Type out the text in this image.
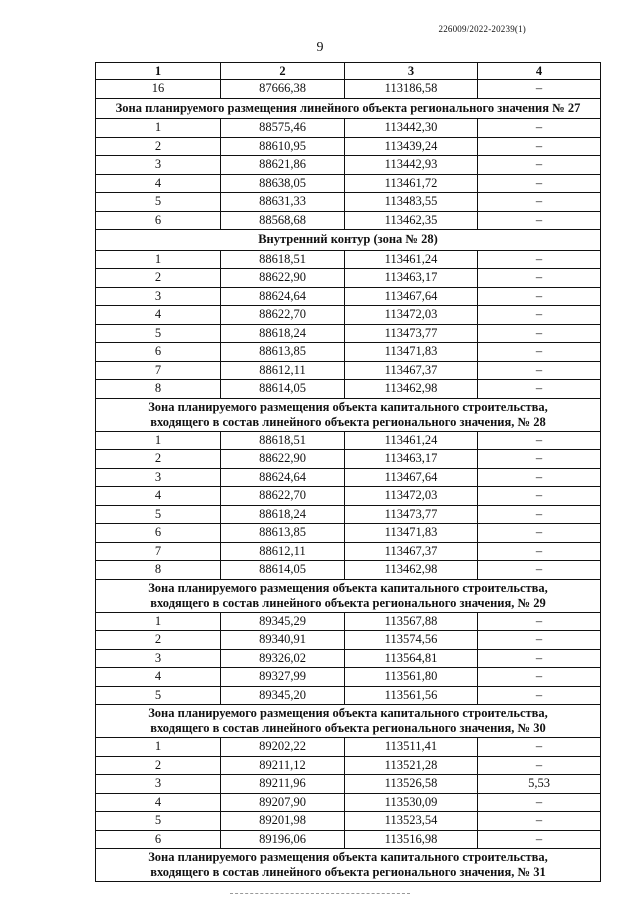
226009/2022-20239(1)
9
1	2	3	4
16	87666,38	113186,58	–

Зона планируемого размещения линейного объекта регионального значения № 27			

1	88575,46	113442,30	–
2	88610,95	113439,24	–
3	88621,86	113442,93	–
4	88638,05	113461,72	–
5	88631,33	113483,55	–
6	88568,68	113462,35	–

Внутренний контур (зона № 28)			

1	88618,51	113461,24	–
2	88622,90	113463,17	–
3	88624,64	113467,64	–
4	88622,70	113472,03	–
5	88618,24	113473,77	–
6	88613,85	113471,83	–
7	88612,11	113467,37	–
8	88614,05	113462,98	–

Зона планируемого размещения объекта капитального строительства,
входящего в состав линейного объекта регионального значения, № 28			

1	88618,51	113461,24	–
2	88622,90	113463,17	–
3	88624,64	113467,64	–
4	88622,70	113472,03	–
5	88618,24	113473,77	–
6	88613,85	113471,83	–
7	88612,11	113467,37	–
8	88614,05	113462,98	–

Зона планируемого размещения объекта капитального строительства,
входящего в состав линейного объекта регионального значения, № 29			

1	89345,29	113567,88	–
2	89340,91	113574,56	–
3	89326,02	113564,81	–
4	89327,99	113561,80	–
5	89345,20	113561,56	–

Зона планируемого размещения объекта капитального строительства,
входящего в состав линейного объекта регионального значения, № 30			

1	89202,22	113511,41	–
2	89211,12	113521,28	–
3	89211,96	113526,58	5,53
4	89207,90	113530,09	–
5	89201,98	113523,54	–
6	89196,06	113516,98	–

Зона планируемого размещения объекта капитального строительства,
входящего в состав линейного объекта регионального значения, № 31			
